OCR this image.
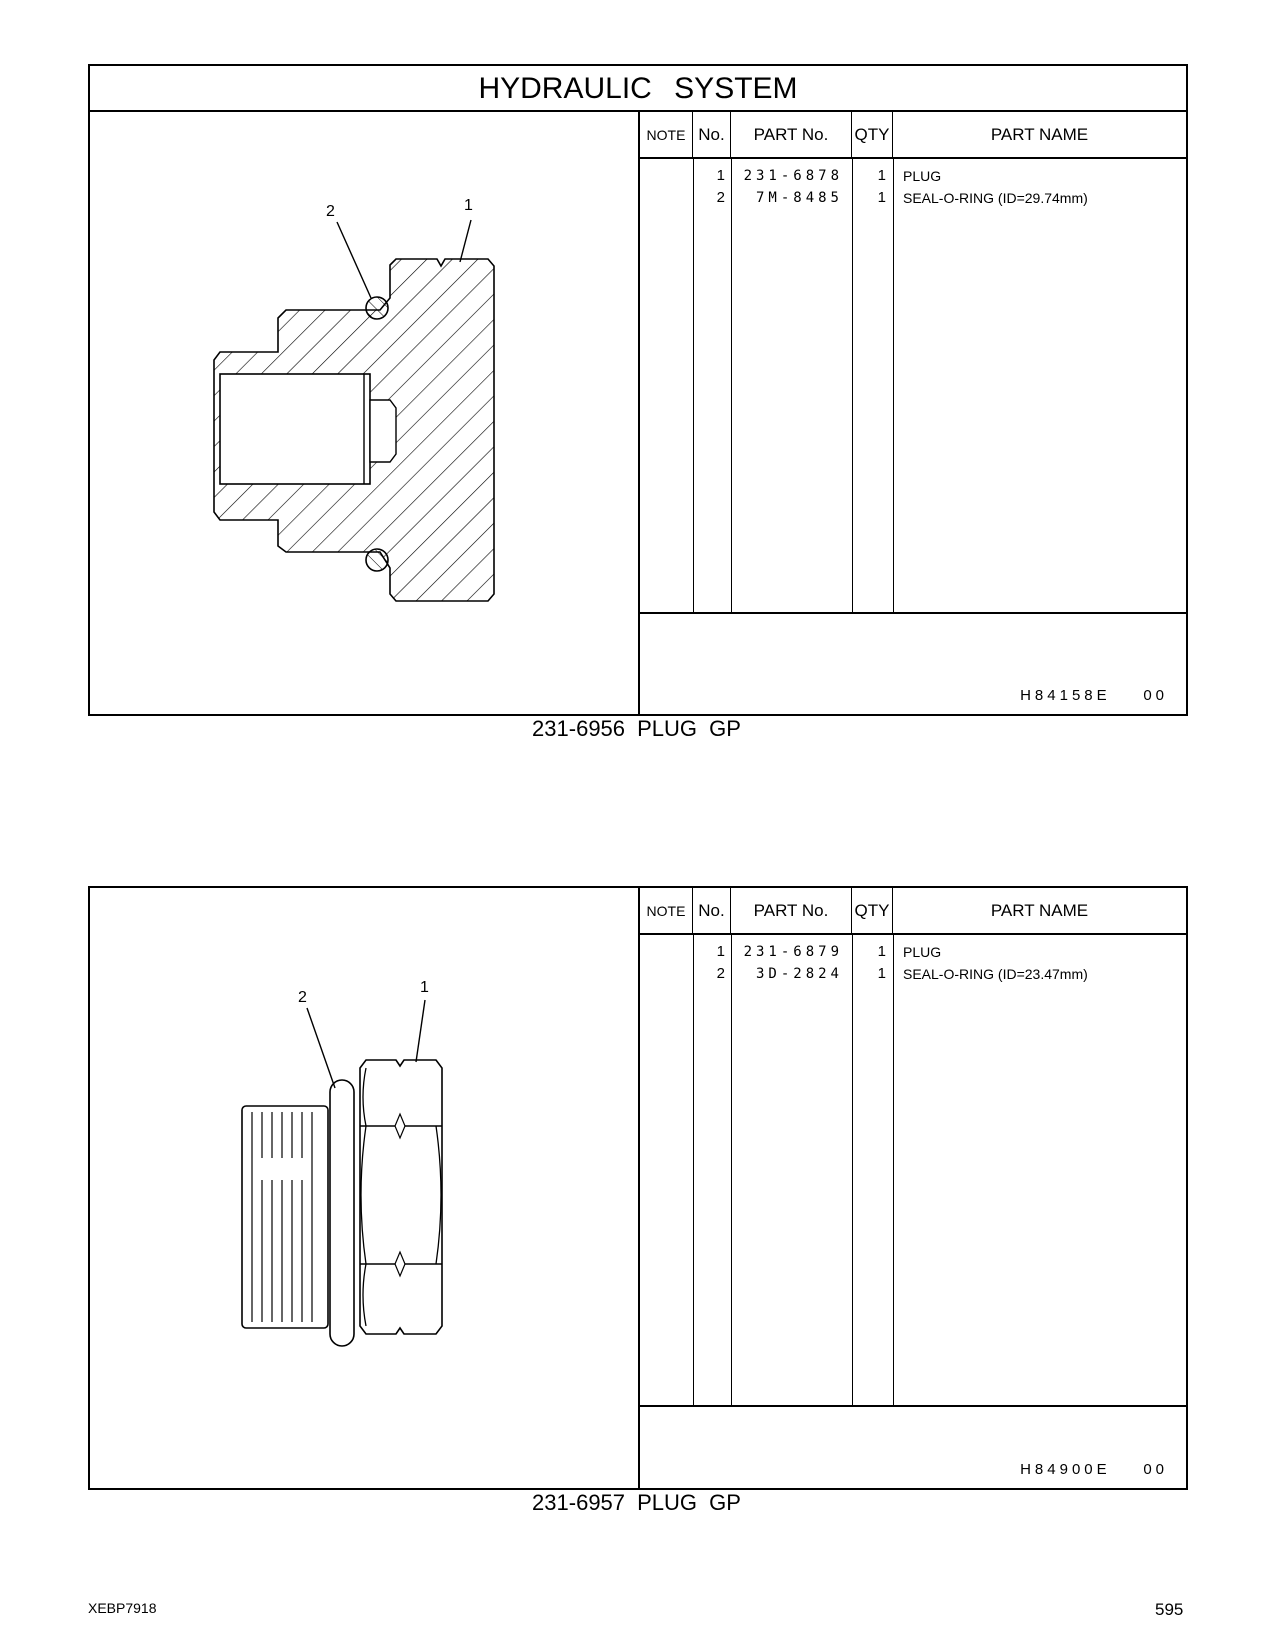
HYDRAULIC SYSTEM
2	1
NOTE No.	PART No.	QTY	PART NAME
1	231-6878	1 PLUG
2	7M-8485	1 SEAL-O-RING (ID=29.74mm)
H84158E    00
231-6956 PLUG GP
2
1
NOTE No.	PART No.	QTY	PART NAME
1	231-6879	1 PLUG
2	3D-2824	1 SEAL-O-RING (ID=23.47mm)
H84900E    00
231-6957 PLUG GP
XEBP7918	595
